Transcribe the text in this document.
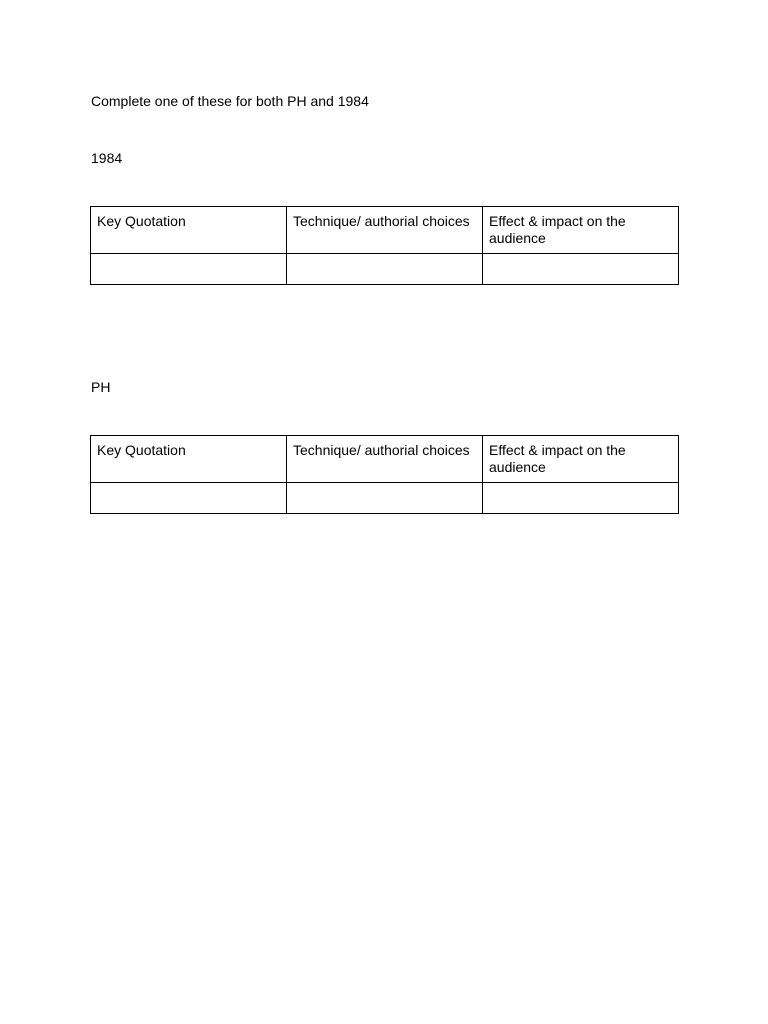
Complete one of these for both PH and 1984

1984

Key Quotation	Technique/ authorial choices	Effect & impact on the audience

PH

Key Quotation	Technique/ authorial choices	Effect & impact on the audience
